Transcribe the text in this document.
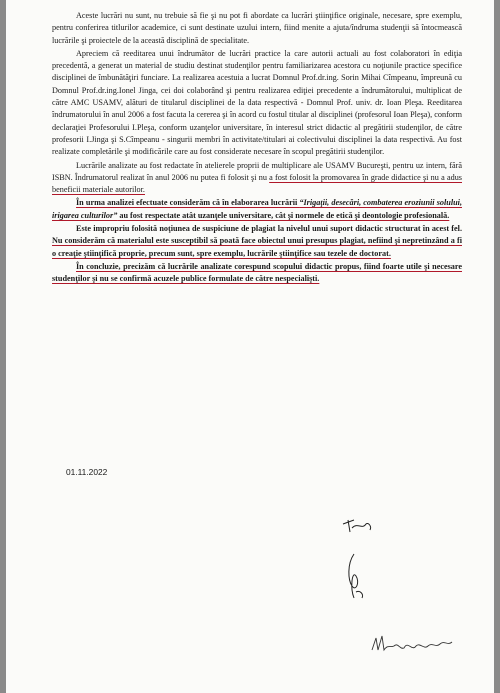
Aceste lucrări nu sunt, nu trebuie să fie şi nu pot fi abordate ca lucrări ştiinţifice originale, necesare, spre exemplu, pentru conferirea titlurilor academice, ci sunt destinate uzului intern, fiind menite a ajuta/îndruma studenţii să întocmească lucrările şi proiectele de la această disciplină de specialitate.

Apreciem că reeditarea unui îndrumător de lucrări practice la care autorii actuali au fost colaboratori în ediţia precedentă, a generat un material de studiu destinat studenţilor pentru familiarizarea acestora cu noţiunile practice specifice disciplinei de îmbunătăţiri funciare. La realizarea acestuia a lucrat Domnul Prof.dr.ing. Sorin Mihai Cîmpeanu, împreună cu Domnul Prof.dr.ing.Ionel Jinga, cei doi colaborând şi pentru realizarea ediţiei precedente a îndrumătorului, multiplicat de către AMC USAMV, alături de titularul disciplinei de la data respectivă - Domnul Prof. univ. dr. Ioan Pleşa. Reeditarea îndrumatorului în anul 2006 a fost facuta la cererea şi în acord cu fostul titular al disciplinei (profesorul Ioan Pleşa), conform declaraţiei Profesorului I.Pleşa, conform uzanţelor universitare, în interesul strict didactic al pregătirii studenţilor, de către profesorii I.Jinga şi S.Cîmpeanu - singurii membri în activitate/titulari ai colectivului disciplinei la data respectivă. Au fost realizate completările şi modificările care au fost considerate necesare în scopul pregătirii studenţilor.

Lucrările analizate au fost redactate în atelierele proprii de multiplicare ale USAMV Bucureşti, pentru uz intern, fără ISBN. Îndrumatorul realizat în anul 2006 nu putea fi folosit şi nu a fost folosit la promovarea în grade didactice şi nu a adus beneficii materiale autorilor.

În urma analizei efectuate considerăm că în elaborarea lucrării “Irigaţii, desecări, combaterea eroziunii solului, irigarea culturilor” au fost respectate atât uzanţele universitare, cât şi normele de etică şi deontologie profesională.

Este impropriu folosită noţiunea de suspiciune de plagiat la nivelul unui suport didactic structurat în acest fel. Nu considerăm că materialul este susceptibil să poată face obiectul unui presupus plagiat, nefiind şi nepretinzând a fi o creaţie ştiinţifică proprie, precum sunt, spre exemplu, lucrările ştiinţifice sau tezele de doctorat.

În concluzie, precizăm că lucrările analizate corespund scopului didactic propus, fiind foarte utile şi necesare studenţilor şi nu se confirmă acuzele publice formulate de către nespecialişti.

01.11.2022
